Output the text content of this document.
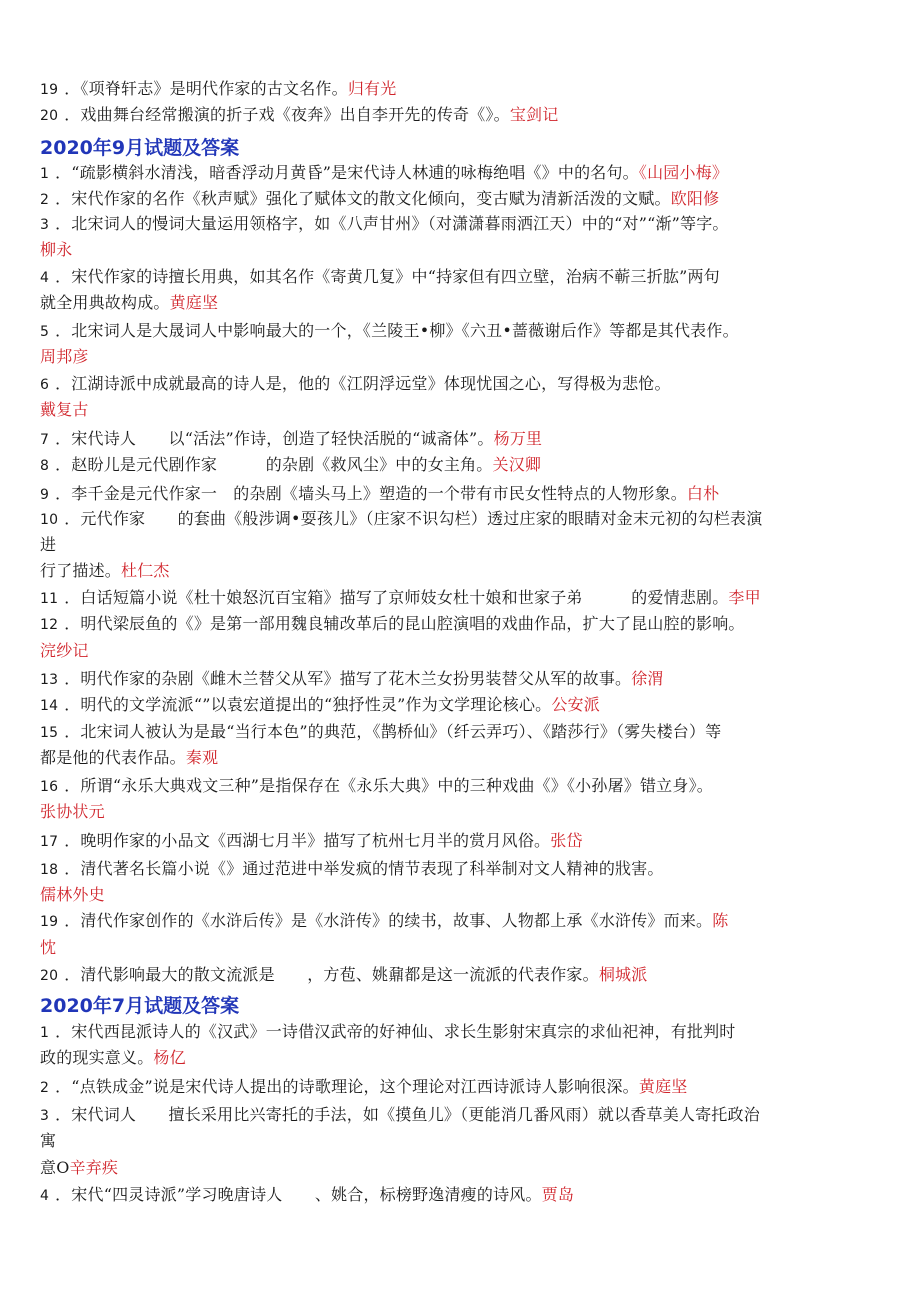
19 ．《项脊轩志》是明代作家的古文名作。归有光
20 ．戏曲舞台经常搬演的折子戏《夜奔》出自李开先的传奇《》。宝剑记
2020年9月试题及答案
1 ．“疏影横斜水清浅，暗香浮动月黄昏”是宋代诗人林逋的咏梅绝唱《》中的名句。《山园小梅》
2 ．宋代作家的名作《秋声赋》强化了赋体文的散文化倾向，变古赋为清新活泼的文赋。欧阳修
3 ．北宋词人的慢词大量运用领格字，如《八声甘州》（对潇潇暮雨洒江天）中的“对”“渐”等字。
柳永
4 ．宋代作家的诗擅长用典，如其名作《寄黄几复》中“持家但有四立壁，治病不蕲三折肱”两句
就全用典故构成。黄庭坚
5 ．北宋词人是大晟词人中影响最大的一个，《兰陵王•柳》《六丑•蔷薇谢后作》等都是其代表作。
周邦彦
6 ．江湖诗派中成就最高的诗人是，他的《江阴浮远堂》体现忧国之心，写得极为悲怆。
戴复古
7 ．宋代诗人　　以“活法”作诗，创造了轻快活脱的“诚斋体”。杨万里
8 ．赵盼儿是元代剧作家　　　的杂剧《救风尘》中的女主角。关汉卿
9 ．李千金是元代作家一　的杂剧《墙头马上》塑造的一个带有市民女性特点的人物形象。白朴
10 ．元代作家　　的套曲《般涉调•耍孩儿》（庄家不识勾栏）透过庄家的眼睛对金末元初的勾栏表演
进
行了描述。杜仁杰
11 ．白话短篇小说《杜十娘怒沉百宝箱》描写了京师妓女杜十娘和世家子弟　　　的爱情悲剧。李甲
12 ．明代梁辰鱼的《》是第一部用魏良辅改革后的昆山腔演唱的戏曲作品，扩大了昆山腔的影响。
浣纱记
13 ．明代作家的杂剧《雌木兰替父从军》描写了花木兰女扮男装替父从军的故事。徐渭
14 ．明代的文学流派“”以袁宏道提出的“独抒性灵”作为文学理论核心。公安派
15 ．北宋词人被认为是最“当行本色”的典范，《鹊桥仙》（纤云弄巧）、《踏莎行》（雾失楼台）等
都是他的代表作品。秦观
16 ．所谓“永乐大典戏文三种”是指保存在《永乐大典》中的三种戏曲《》《小孙屠》错立身》。
张协状元
17 ．晚明作家的小品文《西湖七月半》描写了杭州七月半的赏月风俗。张岱
18 ．清代著名长篇小说《》通过范进中举发疯的情节表现了科举制对文人精神的戕害。
儒林外史
19 ．清代作家创作的《水浒后传》是《水浒传》的续书，故事、人物都上承《水浒传》而来。陈
忱
20 ．清代影响最大的散文流派是　　，方苞、姚鼐都是这一流派的代表作家。桐城派
2020年7月试题及答案
1 ．宋代西昆派诗人的《汉武》一诗借汉武帝的好神仙、求长生影射宋真宗的求仙祀神，有批判时
政的现实意义。杨亿
2 ．“点铁成金”说是宋代诗人提出的诗歌理论，这个理论对江西诗派诗人影响很深。黄庭坚
3 ．宋代词人　　擅长采用比兴寄托的手法，如《摸鱼儿》（更能消几番风雨）就以香草美人寄托政治
寓
意O辛弃疾
4 ．宋代“四灵诗派”学习晚唐诗人　　、姚合，标榜野逸清瘦的诗风。贾岛
